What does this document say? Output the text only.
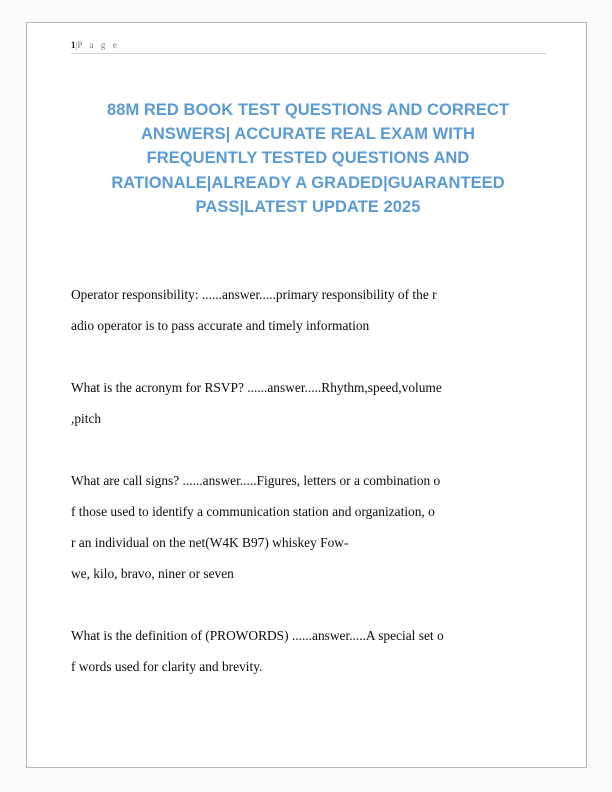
1|P a g e
88M RED BOOK TEST QUESTIONS AND CORRECT
ANSWERS| ACCURATE REAL EXAM WITH
FREQUENTLY TESTED QUESTIONS AND
RATIONALE|ALREADY A GRADED|GUARANTEED
PASS|LATEST UPDATE 2025
Operator responsibility: ......answer.....primary responsibility of the r
adio operator is to pass accurate and timely information
What is the acronym for RSVP? ......answer.....Rhythm,speed,volume
,pitch
What are call signs? ......answer.....Figures, letters or a combination o
f those used to identify a communication station and organization, o
r an individual on the net(W4K B97) whiskey Fow-
we, kilo, bravo, niner or seven
What is the definition of (PROWORDS) ......answer.....A special set o
f words used for clarity and brevity.
